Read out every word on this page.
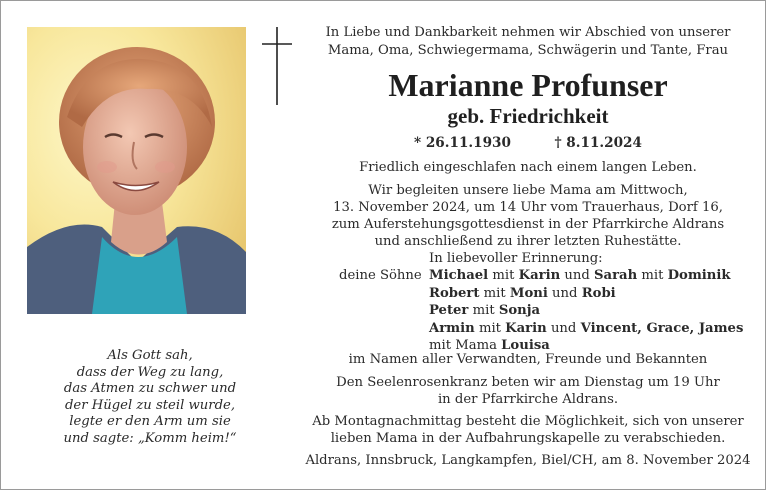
In Liebe und Dankbarkeit nehmen wir Abschied von unserer
Mama, Oma, Schwiegermama, Schwägerin und Tante, Frau
Marianne Profunser
geb. Friedrichkeit
* 26.11.1930	† 8.11.2024
Friedlich eingeschlafen nach einem langen Leben.
Wir begleiten unsere liebe Mama am Mittwoch,
13. November 2024, um 14 Uhr vom Trauerhaus, Dorf 16,
zum Auferstehungsgottesdienst in der Pfarrkirche Aldrans
und anschließend zu ihrer letzten Ruhestätte.
In liebevoller Erinnerung:
deine Söhne Michael mit Karin und Sarah mit Dominik
Robert mit Moni und Robi
Peter mit Sonja
Armin mit Karin und Vincent, Grace, James
mit Mama Louisa
im Namen aller Verwandten, Freunde und Bekannten
Den Seelenrosenkranz beten wir am Dienstag um 19 Uhr
in der Pfarrkirche Aldrans.
Ab Montagnachmittag besteht die Möglichkeit, sich von unserer
lieben Mama in der Aufbahrungskapelle zu verabschieden.
Aldrans, Innsbruck, Langkampfen, Biel/CH, am 8. November 2024
Als Gott sah,
dass der Weg zu lang,
das Atmen zu schwer und
der Hügel zu steil wurde,
legte er den Arm um sie
und sagte: „Komm heim!“
